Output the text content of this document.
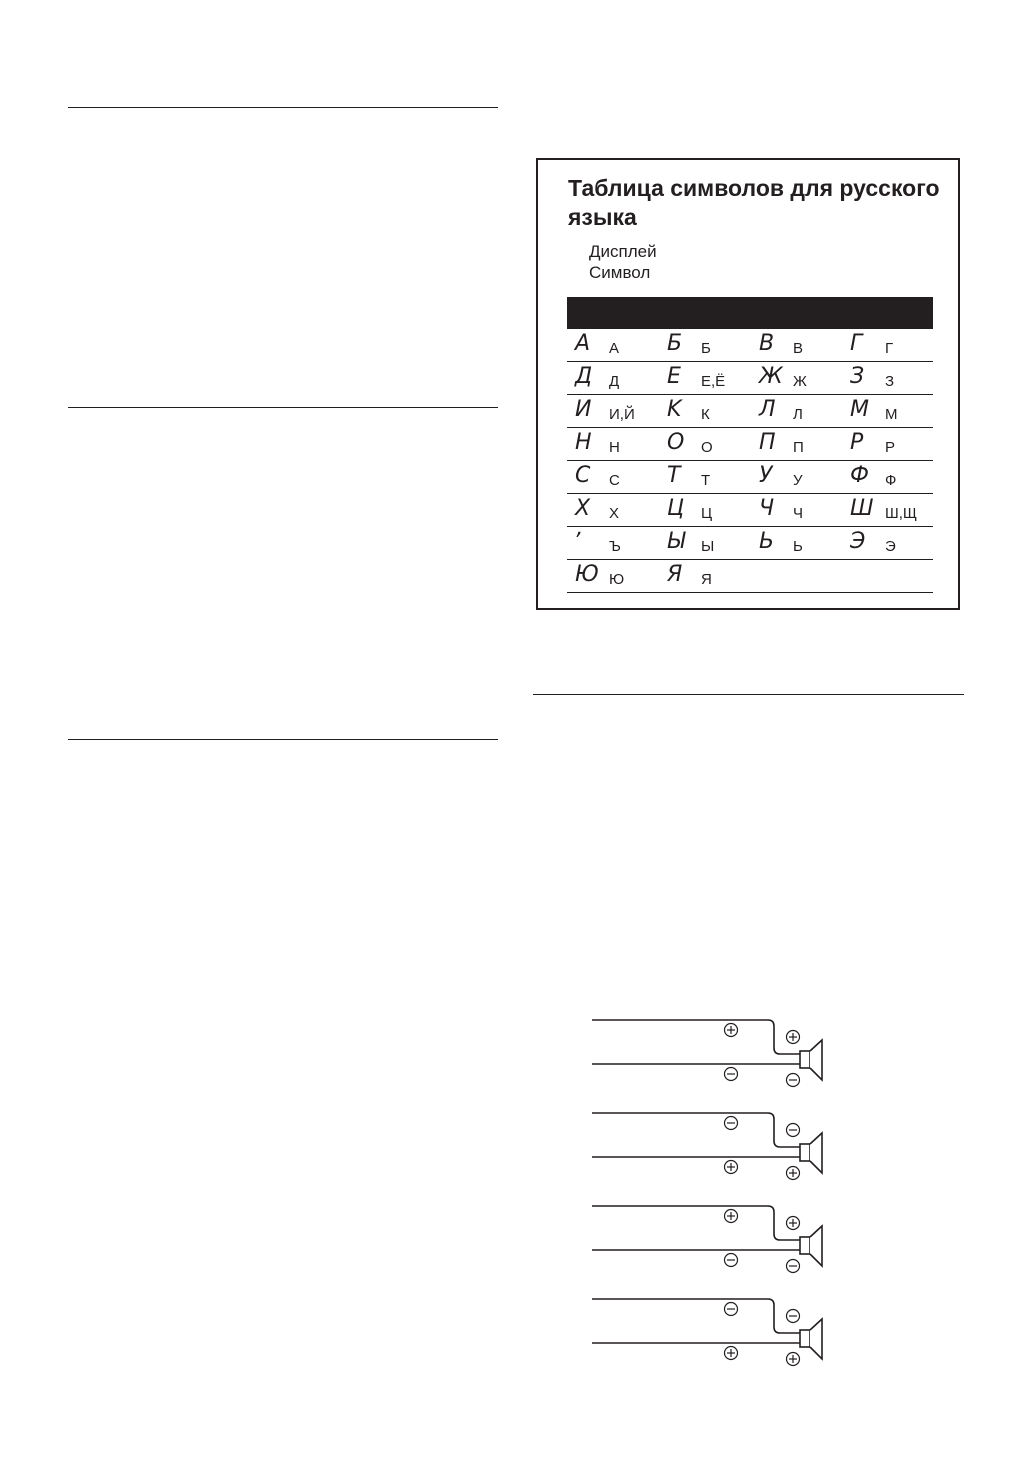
Таблица символов для русского языка
Дисплей
Символ
A А Б Б B В Г Г
Д Д E Е,Ё Ж Ж З З
И И,Й K К Л Л M М
H Н O О П П P Р
C С T Т У У Ф Ф
X Х Ц Ц Ч Ч Ш Ш,Щ
ʼ Ъ Ы Ы Ь Ь Э Э
Ю Ю Я Я
